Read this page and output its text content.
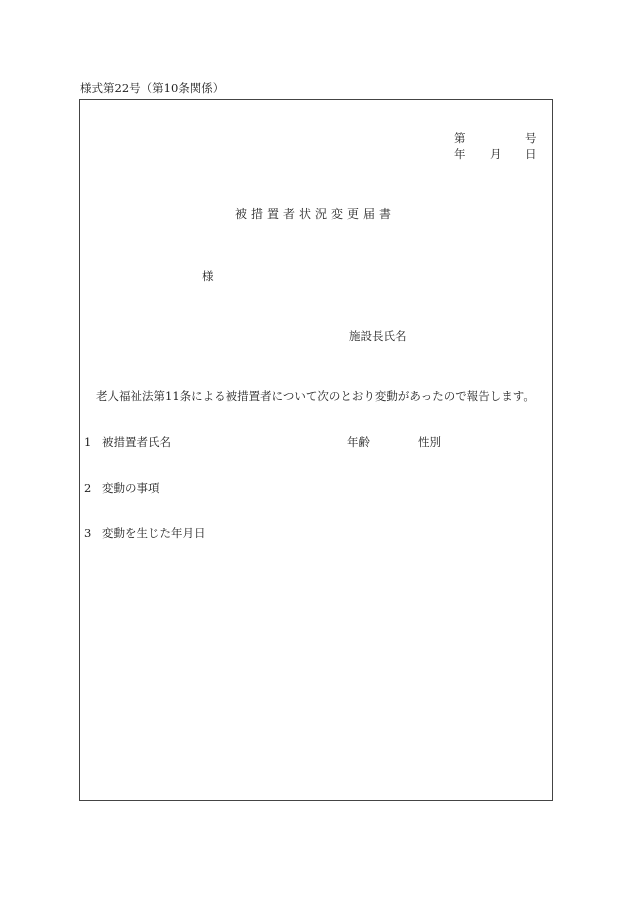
様式第22号（第10条関係）
第	号
年 月 日
被措置者状況変更届書
様
施設長氏名
老人福祉法第11条による被措置者について次のとおり変動があったので報告します。
1 被措置者氏名	年齢	性別
2 変動の事項
3 変動を生じた年月日
